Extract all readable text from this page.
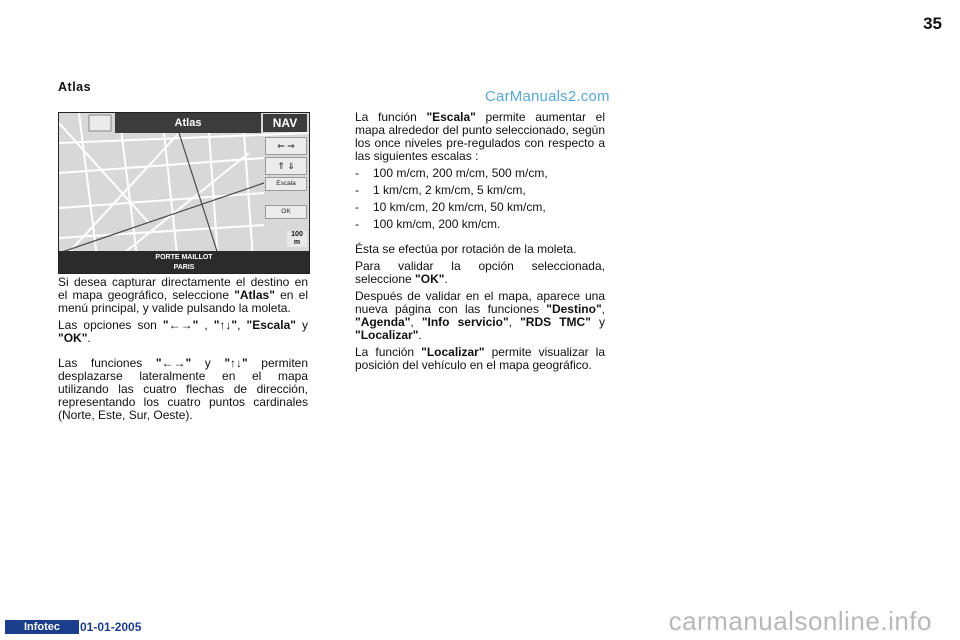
35
Atlas
CarManuals2.com
Atlas	NAV
⇐ ⇒
⇑ ⇓
Escala
OK
100
m
PORTE MAILLOT
PARIS

Si desea capturar directamente el destino en el mapa geográfico, seleccione "Atlas" en el menú principal, y valide pulsando la moleta.

Las opciones son "←→" , "↑↓", "Escala" y "OK".

Las funciones "←→" y "↑↓" permiten desplazarse lateralmente en el mapa utilizando las cuatro flechas de dirección, representando los cuatro puntos cardinales (Norte, Este, Sur, Oeste).

La función "Escala" permite aumentar el mapa alrededor del punto seleccionado, según los once niveles pre-regulados con respecto a las siguientes escalas :

- 100 m/cm, 200 m/cm, 500 m/cm,
- 1 km/cm, 2 km/cm, 5 km/cm,
- 10 km/cm, 20 km/cm, 50 km/cm,
- 100 km/cm, 200 km/cm.

Ésta se efectúa por rotación de la moleta.

Para validar la opción seleccionada, seleccione "OK".

Después de validar en el mapa, aparece una nueva página con las funciones "Destino", "Agenda", "Info servicio", "RDS TMC" y "Localizar".

La función "Localizar" permite visualizar la posición del vehículo en el mapa geográfico.

Infotec	01-01-2005	carmanualsonline.info
